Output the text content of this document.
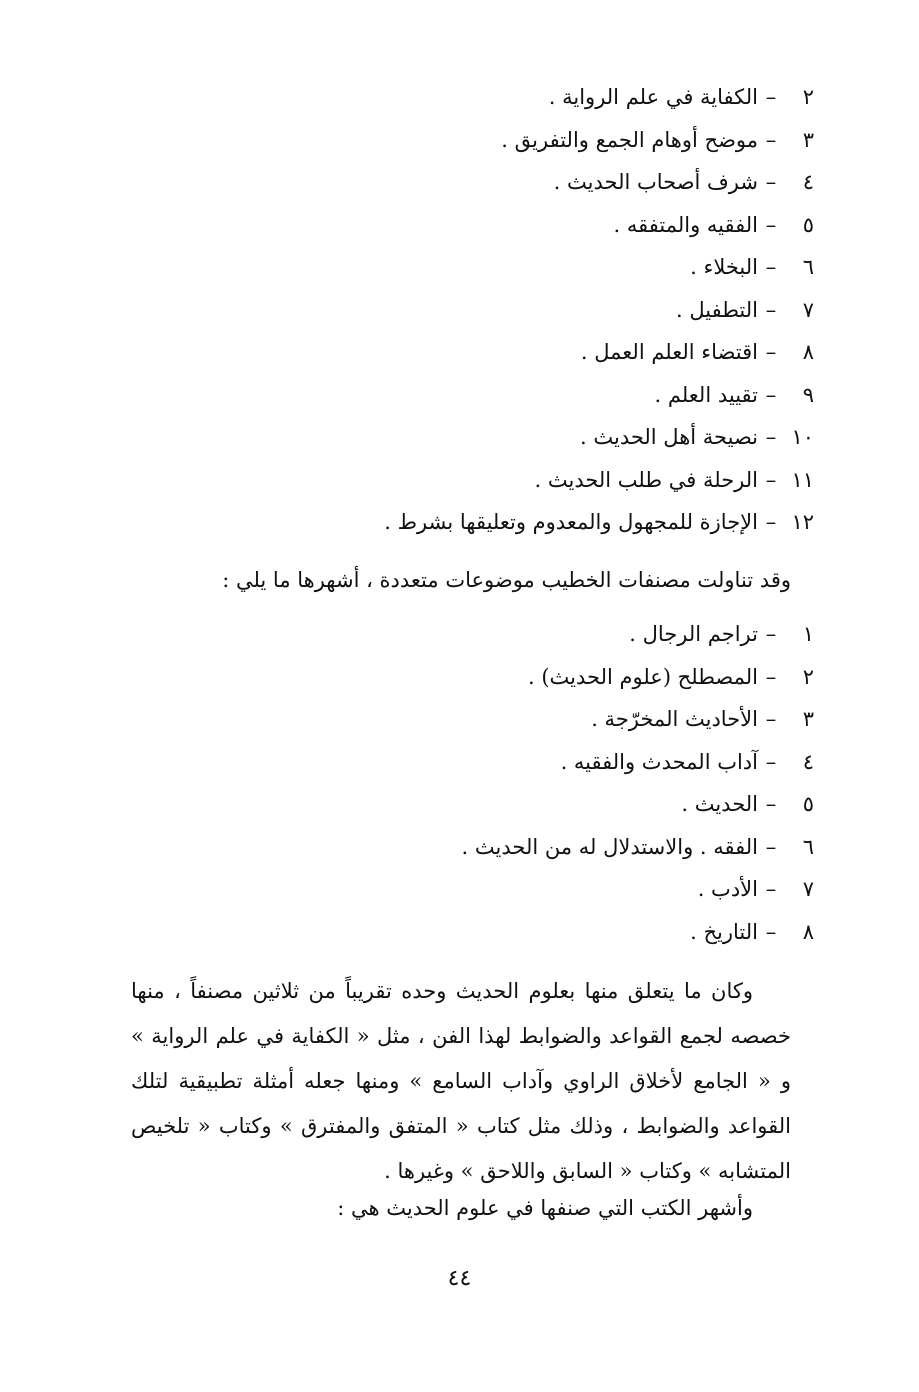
٢
–
الكفاية في علم الرواية .
٣
–
موضح أوهام الجمع والتفريق .
٤
–
شرف أصحاب الحديث .
٥
–
الفقيه والمتفقه .
٦
–
البخلاء .
٧
–
التطفيل .
٨
–
اقتضاء العلم العمل .
٩
–
تقييد العلم .
١٠
–
نصيحة أهل الحديث .
١١
–
الرحلة في طلب الحديث .
١٢
–
الإجازة للمجهول والمعدوم وتعليقها بشرط .

وقد تناولت مصنفات الخطيب موضوعات متعددة ، أشهرها ما يلي :

١
–
تراجم الرجال .
٢
–
المصطلح (علوم الحديث) .
٣
–
الأحاديث المخرّجة .
٤
–
آداب المحدث والفقيه .
٥
–
الحديث .
٦
–
الفقه . والاستدلال له من الحديث .
٧
–
الأدب .
٨
–
التاريخ .

وكان ما يتعلق منها بعلوم الحديث وحده تقريباً من ثلاثين مصنفاً ، منها خصصه لجمع القواعد والضوابط لهذا الفن ، مثل « الكفاية في علم الرواية » و « الجامع لأخلاق الراوي وآداب السامع » ومنها جعله أمثلة تطبيقية لتلك القواعد والضوابط ، وذلك مثل كتاب « المتفق والمفترق » وكتاب « تلخيص المتشابه » وكتاب « السابق واللاحق » وغيرها .

وأشهر الكتب التي صنفها في علوم الحديث هي :

٤٤
